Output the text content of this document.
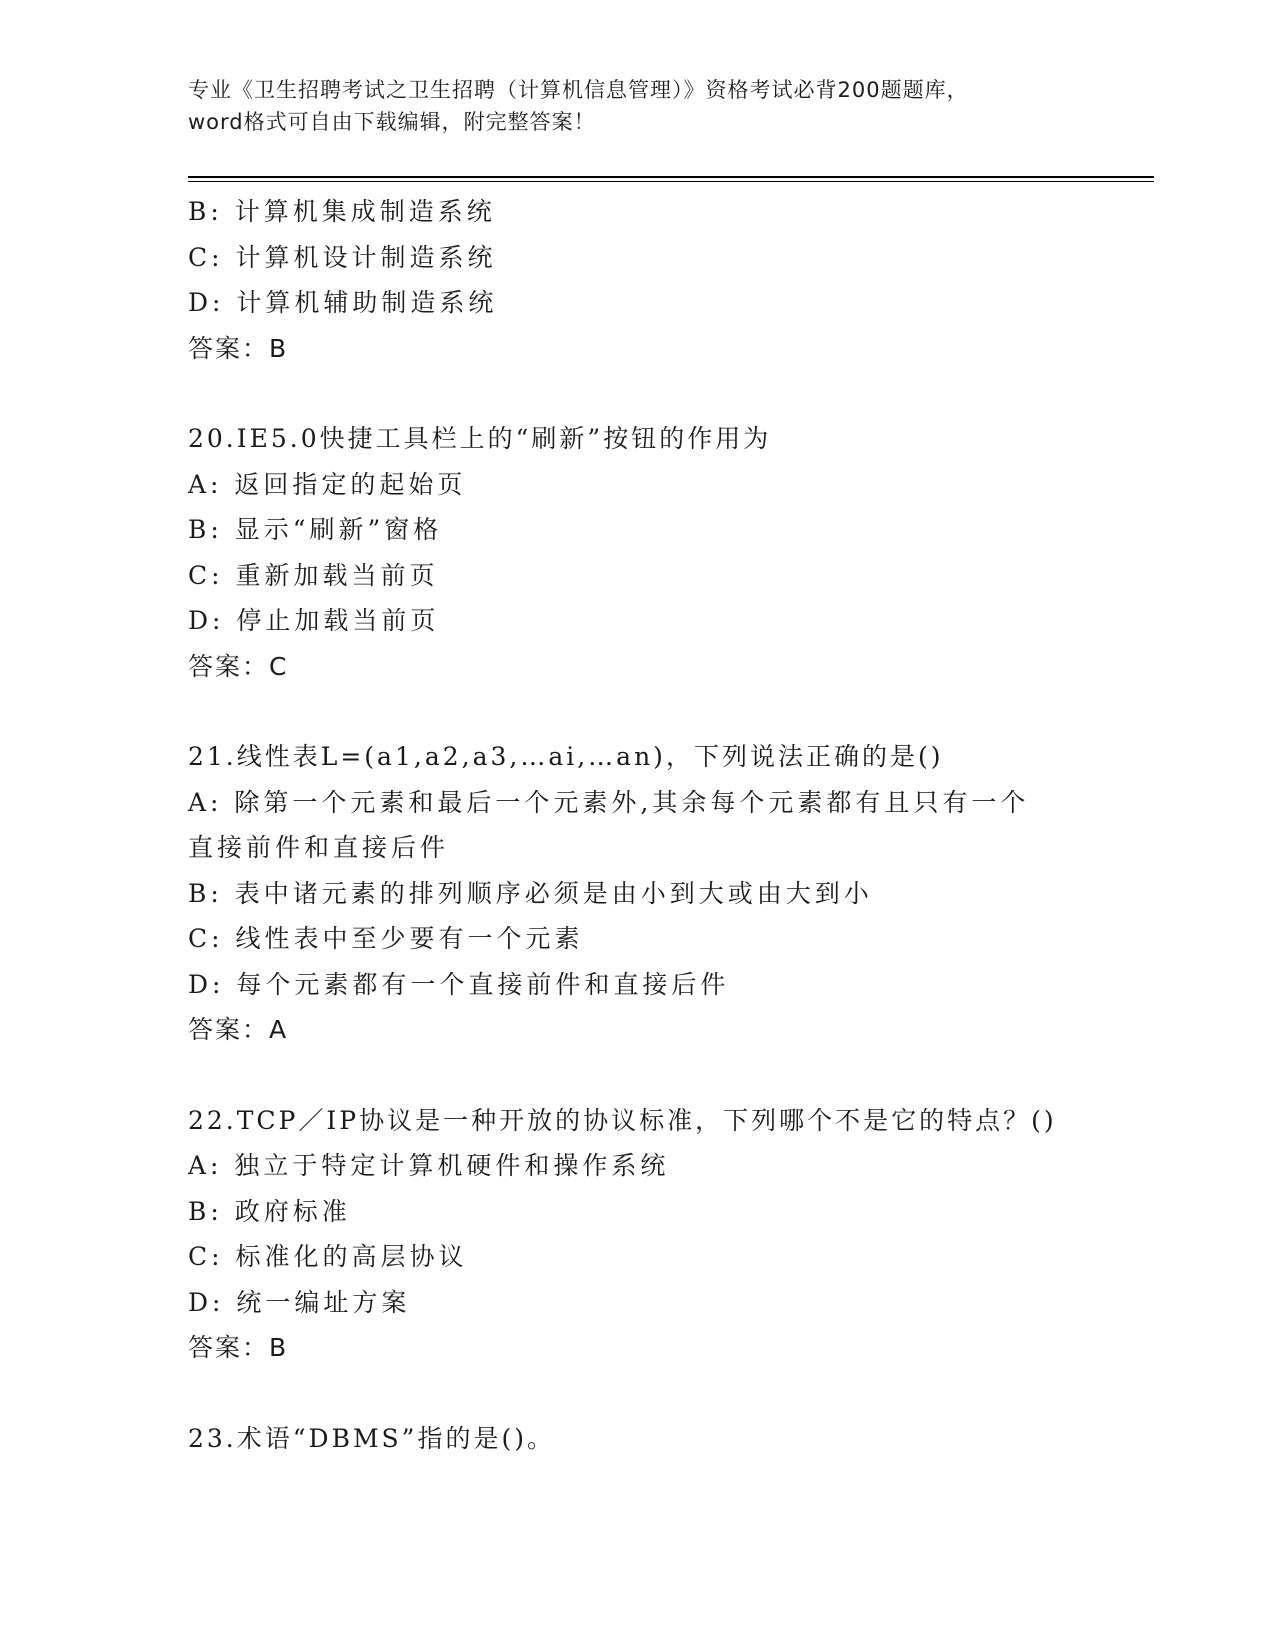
专业《卫生招聘考试之卫生招聘（计算机信息管理）》资格考试必背200题题库，
word格式可自由下载编辑，附完整答案！
B: 计算机集成制造系统
C: 计算机设计制造系统
D: 计算机辅助制造系统
答案：B
20.IE5.0快捷工具栏上的“刷新”按钮的作用为
A: 返回指定的起始页
B: 显示“刷新”窗格
C: 重新加载当前页
D: 停止加载当前页
答案：C
21.线性表L=(a1,a2,a3,…ai,…an)，下列说法正确的是()
A: 除第一个元素和最后一个元素外,其余每个元素都有且只有一个直接前件和直接后件
B: 表中诸元素的排列顺序必须是由小到大或由大到小
C: 线性表中至少要有一个元素
D: 每个元素都有一个直接前件和直接后件
答案：A
22.TCP／IP协议是一种开放的协议标准，下列哪个不是它的特点？()
A: 独立于特定计算机硬件和操作系统
B: 政府标准
C: 标准化的高层协议
D: 统一编址方案
答案：B
23.术语“DBMS”指的是()。
